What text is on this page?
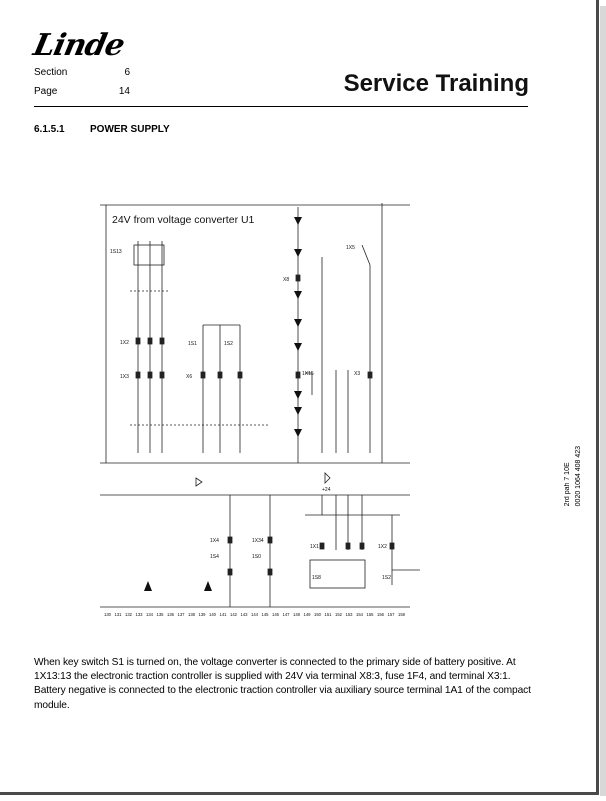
Linde
Section	6
Page	14	Service Training
6.1.5.1	POWER SUPPLY
24V from voltage converter U1
1S13
1X5
X8
1X2
1X3
1S1	1S2
X6	1X15	X3
+24
1X4	1X34
1S4	1S0
1X1	1X2
1S8	1S2
130 131 132 133 134 135 136 137 138 139 140 141 142 143 144 145 146 147 148 149 150 151 152 153 154 155 156 157 158
2rd pah 7 10E 0020 1064 408 423

When key switch S1 is turned on, the voltage converter is connected to the primary side of battery positive. At 1X13:13 the electronic traction controller is supplied with 24V via terminal X8:3, fuse 1F4, and terminal X3:1. Battery negative is connected to the electronic traction controller via auxiliary source terminal 1A1 of the compact module.
